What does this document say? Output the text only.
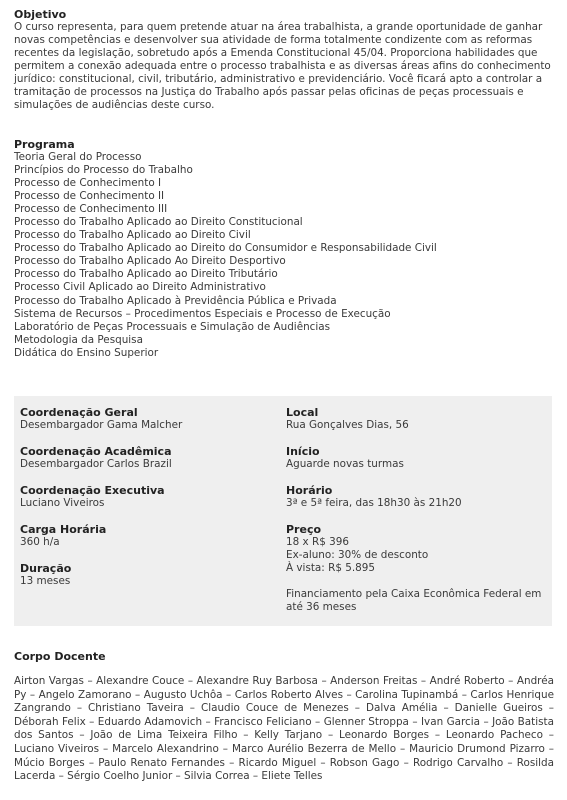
Objetivo

O curso representa, para quem pretende atuar na área trabalhista, a grande oportunidade de ganhar novas competências e desenvolver sua atividade de forma totalmente condizente com as reformas recentes da legislação, sobretudo após a Emenda Constitucional 45/04. Proporciona habilidades que permitem a conexão adequada entre o processo trabalhista e as diversas áreas afins do conhecimento jurídico: constitucional, civil, tributário, administrativo e previdenciário. Você ficará apto a controlar a tramitação de processos na Justiça do Trabalho após passar pelas oficinas de peças processuais e simulações de audiências deste curso.

Programa
Teoria Geral do Processo
Princípios do Processo do Trabalho
Processo de Conhecimento I
Processo de Conhecimento II
Processo de Conhecimento III
Processo do Trabalho Aplicado ao Direito Constitucional
Processo do Trabalho Aplicado ao Direito Civil
Processo do Trabalho Aplicado ao Direito do Consumidor e Responsabilidade Civil
Processo do Trabalho Aplicado Ao Direito Desportivo
Processo do Trabalho Aplicado ao Direito Tributário
Processo Civil Aplicado ao Direito Administrativo
Processo do Trabalho Aplicado à Previdência Pública e Privada
Sistema de Recursos – Procedimentos Especiais e Processo de Execução
Laboratório de Peças Processuais e Simulação de Audiências
Metodologia da Pesquisa
Didática do Ensino Superior
Coordenação Geral
Desembargador Gama Malcher
Coordenação Acadêmica
Desembargador Carlos Brazil
Coordenação Executiva
Luciano Viveiros
Carga Horária
360 h/a
Duração
13 meses
Local
Rua Gonçalves Dias, 56
Início
Aguarde novas turmas
Horário
3ª e 5ª feira, das 18h30 às 21h20
Preço
18 x R$ 396
Ex-aluno: 30% de desconto
À vista: R$ 5.895
Financiamento pela Caixa Econômica Federal em até 36 meses
Corpo Docente

Airton Vargas – Alexandre Couce – Alexandre Ruy Barbosa – Anderson Freitas – André Roberto – Andréa Py – Angelo Zamorano – Augusto Uchôa – Carlos Roberto Alves – Carolina Tupinambá – Carlos Henrique Zangrando – Christiano Taveira – Claudio Couce de Menezes – Dalva Amélia – Danielle Gueiros – Déborah Felix – Eduardo Adamovich – Francisco Feliciano – Glenner Stroppa – Ivan Garcia – João Batista dos Santos – João de Lima Teixeira Filho – Kelly Tarjano – Leonardo Borges – Leonardo Pacheco – Luciano Viveiros – Marcelo Alexandrino – Marco Aurélio Bezerra de Mello – Mauricio Drumond Pizarro – Múcio Borges – Paulo Renato Fernandes – Ricardo Miguel – Robson Gago – Rodrigo Carvalho – Rosilda Lacerda – Sérgio Coelho Junior – Silvia Correa – Eliete Telles
